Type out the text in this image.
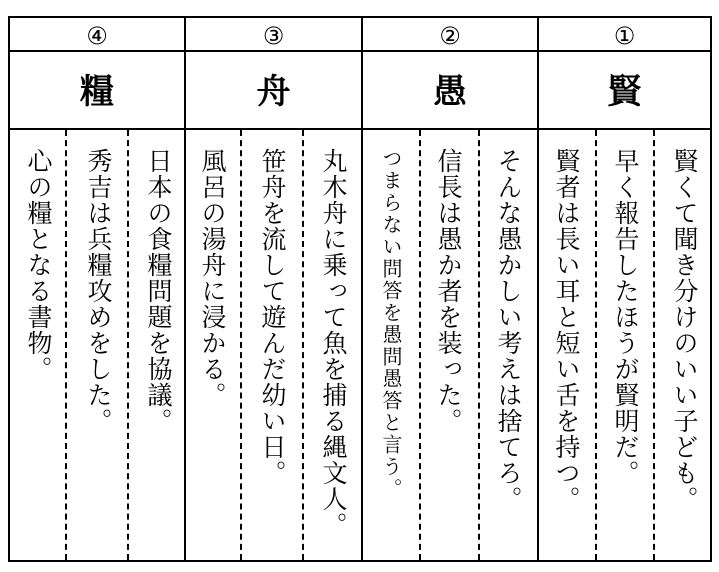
④
糧
心の糧となる書物。 秀吉は兵糧攻めをした。 日本の食糧問題を協議。
③
舟
風呂の湯舟に浸かる。 笹舟を流して遊んだ幼い日。 丸木舟に乗って魚を捕る縄文人。
②
愚
つまらない問答を愚問愚答と言う。	信長は愚か者を装った。 そんな愚かしい考えは捨てろ。
①
賢
賢者は長い耳と短い舌を持つ。 早く報告したほうが賢明だ。 賢くて聞き分けのいい子ども。
